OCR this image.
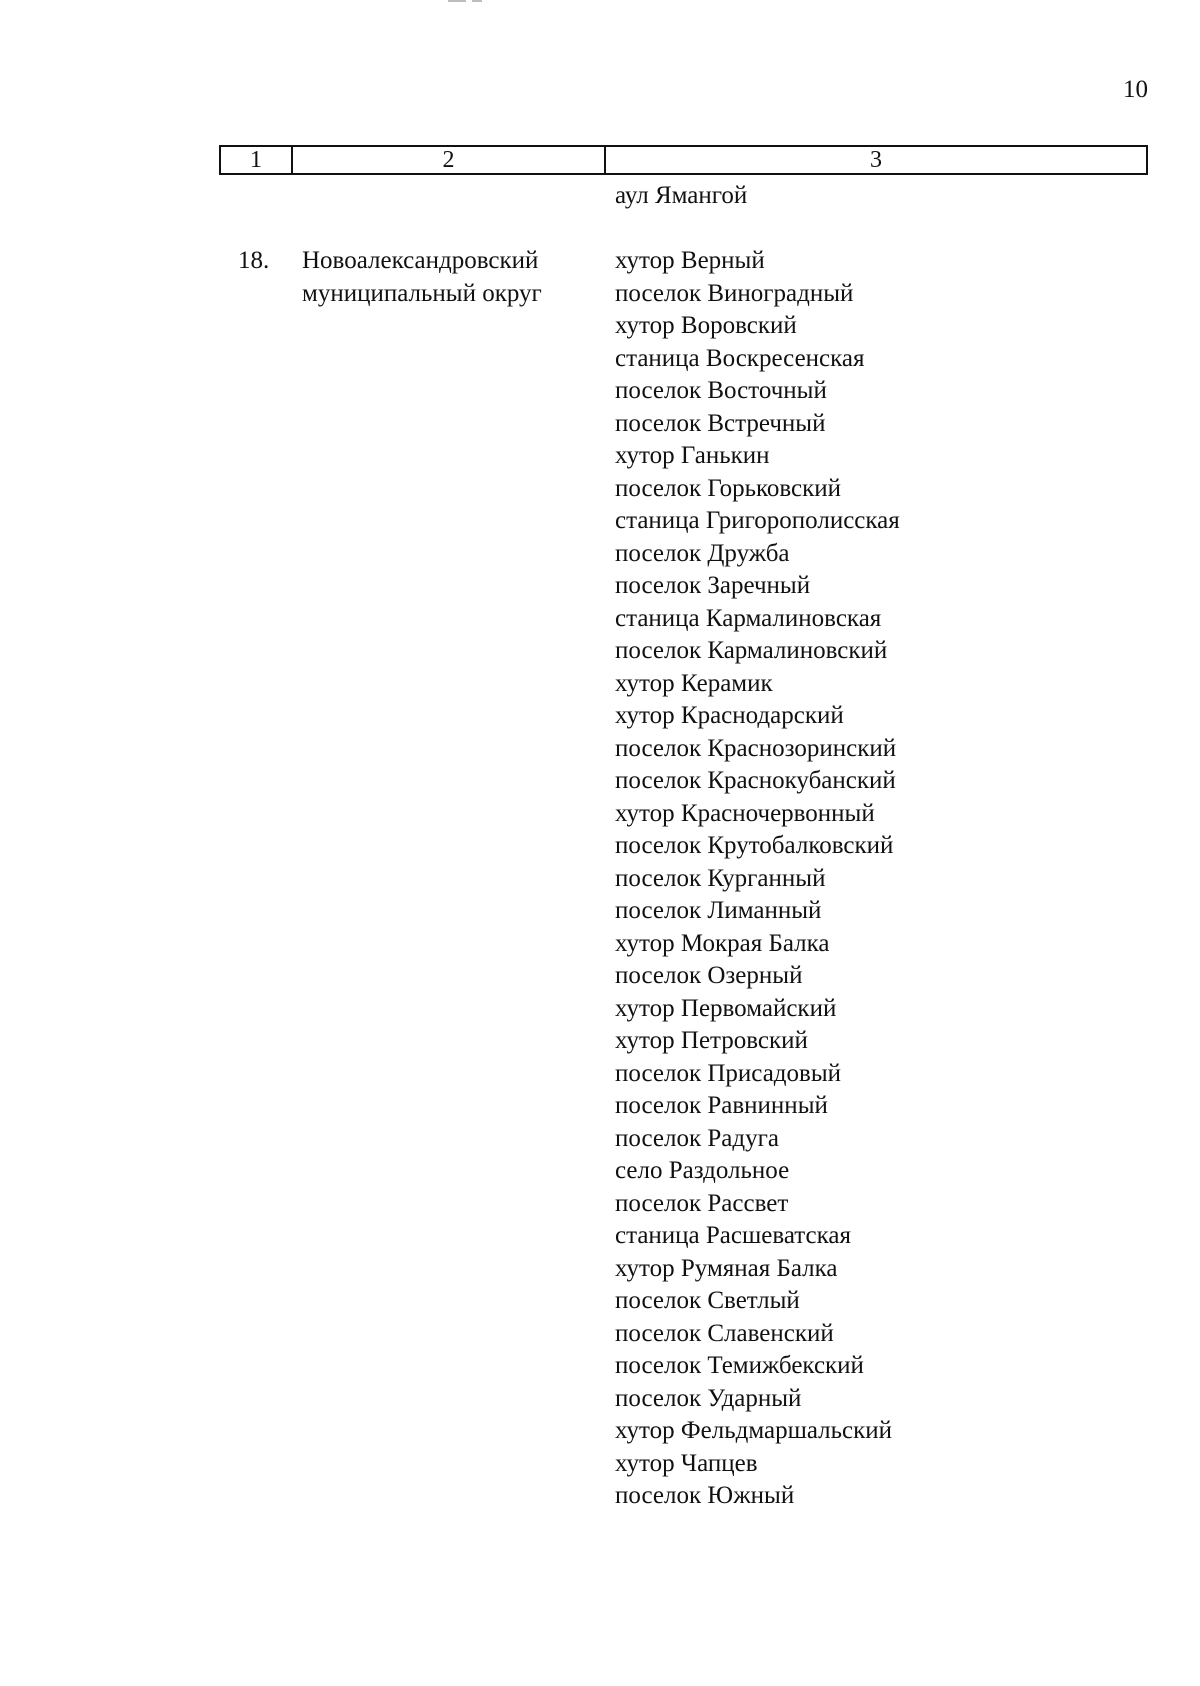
10
1	2	3
аул Ямангой
18. Новоалександровский
муниципальный округ
хутор Верный
поселок Виноградный
хутор Воровский
станица Воскресенская
поселок Восточный
поселок Встречный
хутор Ганькин
поселок Горьковский
станица Григорополисская
поселок Дружба
поселок Заречный
станица Кармалиновская
поселок Кармалиновский
хутор Керамик
хутор Краснодарский
поселок Краснозоринский
поселок Краснокубанский
хутор Красночервонный
поселок Крутобалковский
поселок Курганный
поселок Лиманный
хутор Мокрая Балка
поселок Озерный
хутор Первомайский
хутор Петровский
поселок Присадовый
поселок Равнинный
поселок Радуга
село Раздольное
поселок Рассвет
станица Расшеватская
хутор Румяная Балка
поселок Светлый
поселок Славенский
поселок Темижбекский
поселок Ударный
хутор Фельдмаршальский
хутор Чапцев
поселок Южный
